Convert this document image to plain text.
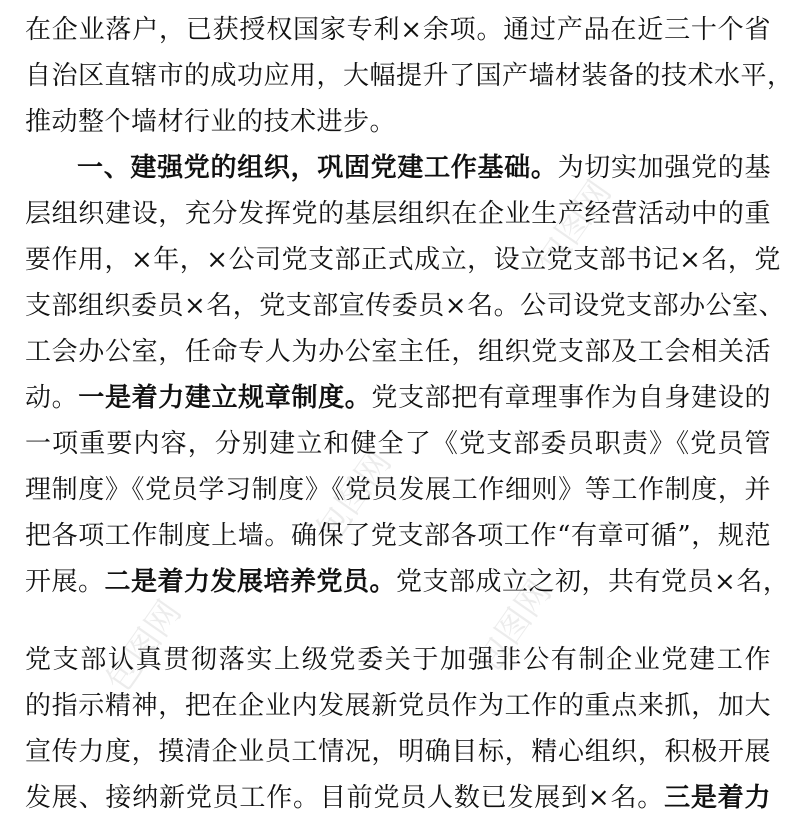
包图网
包图网
包图网	包图网
在企业落户，已获授权国家专利×余项。通过产品在近三十个省
自治区直辖市的成功应用，大幅提升了国产墙材装备的技术水平，
推动整个墙材行业的技术进步。
一、建强党的组织，巩固党建工作基础。为切实加强党的基
层组织建设，充分发挥党的基层组织在企业生产经营活动中的重
要作用，×年，×公司党支部正式成立，设立党支部书记×名，党
支部组织委员×名，党支部宣传委员×名。公司设党支部办公室、
工会办公室，任命专人为办公室主任，组织党支部及工会相关活
动。一是着力建立规章制度。党支部把有章理事作为自身建设的
一项重要内容，分别建立和健全了《党支部委员职责》《党员管
理制度》《党员学习制度》《党员发展工作细则》等工作制度，并
把各项工作制度上墙。确保了党支部各项工作“有章可循”，规范
开展。二是着力发展培养党员。党支部成立之初，共有党员×名，
党支部认真贯彻落实上级党委关于加强非公有制企业党建工作
的指示精神，把在企业内发展新党员作为工作的重点来抓，加大
宣传力度，摸清企业员工情况，明确目标，精心组织，积极开展
发展、接纳新党员工作。目前党员人数已发展到×名。三是着力
